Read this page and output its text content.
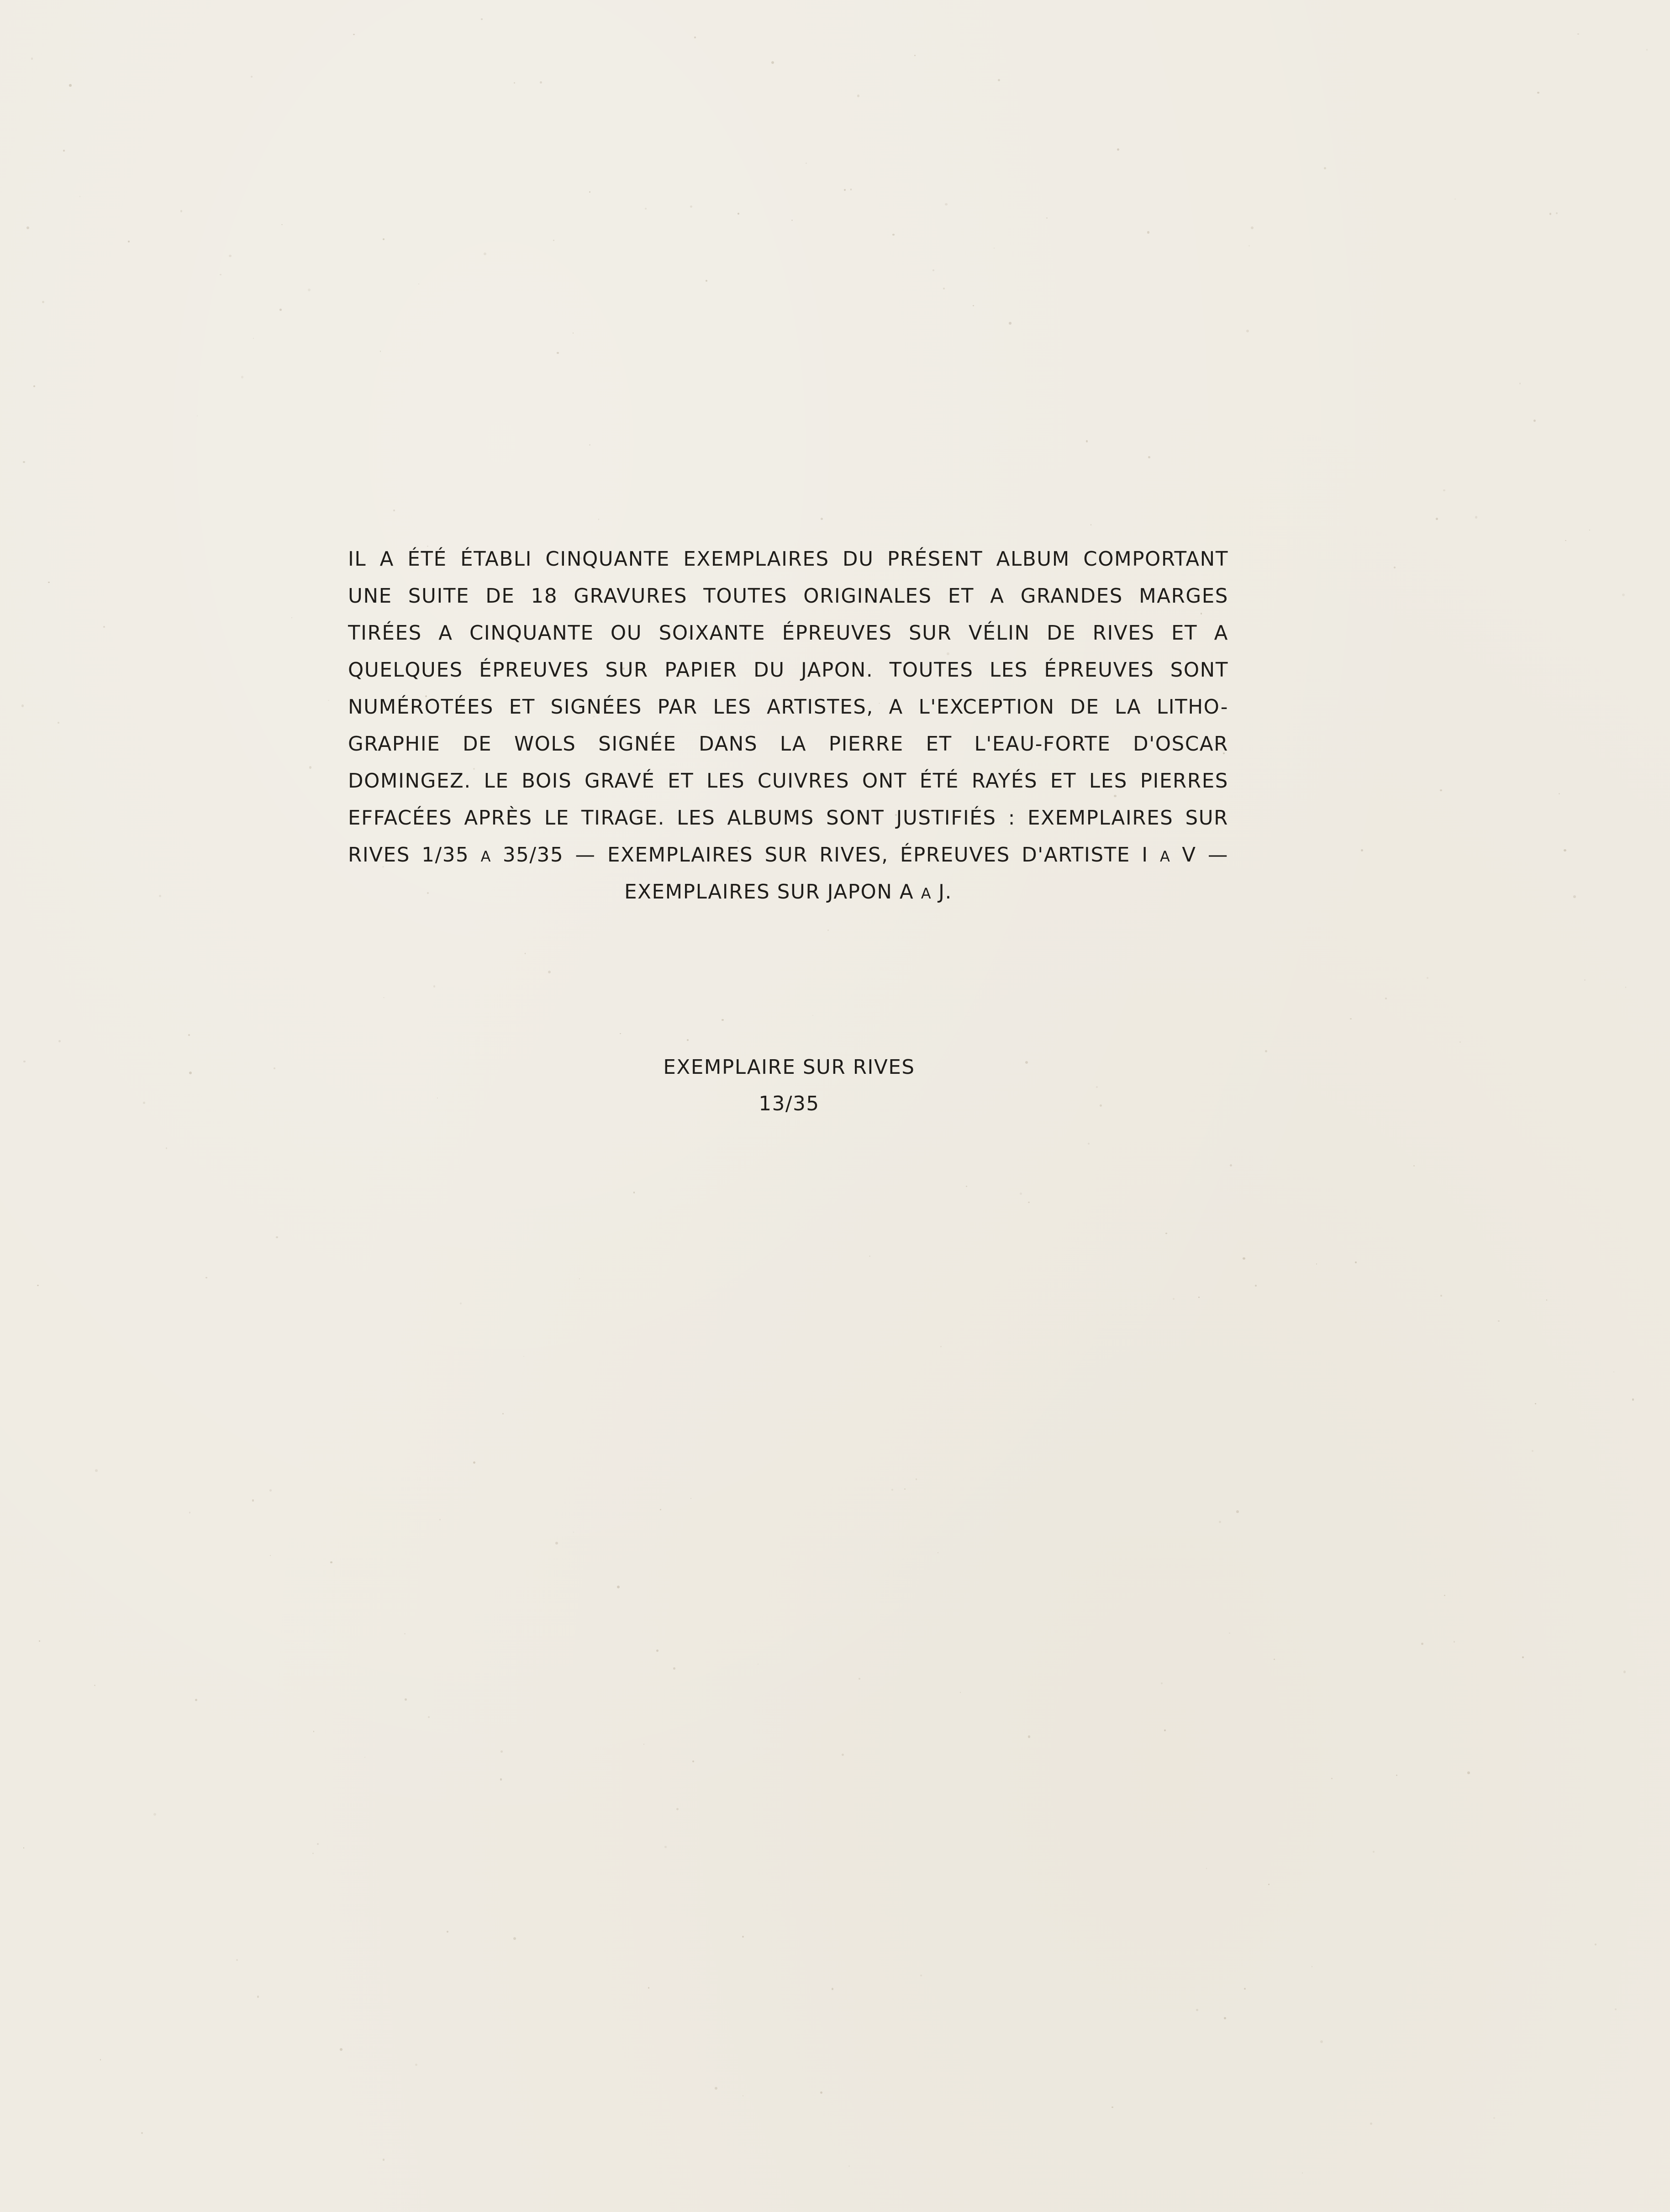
IL A ÉTÉ ÉTABLI CINQUANTE EXEMPLAIRES DU PRÉSENT ALBUM COMPORTANT
UNE SUITE DE 18 GRAVURES TOUTES ORIGINALES ET A GRANDES MARGES
TIRÉES A CINQUANTE OU SOIXANTE ÉPREUVES SUR VÉLIN DE RIVES ET A
QUELQUES ÉPREUVES SUR PAPIER DU JAPON. TOUTES LES ÉPREUVES SONT
NUMÉROTÉES ET SIGNÉES PAR LES ARTISTES, A L'EXCEPTION DE LA LITHO-
GRAPHIE DE WOLS SIGNÉE DANS LA PIERRE ET L'EAU-FORTE D'OSCAR
DOMINGEZ. LE BOIS GRAVÉ ET LES CUIVRES ONT ÉTÉ RAYÉS ET LES PIERRES
EFFACÉES APRÈS LE TIRAGE. LES ALBUMS SONT JUSTIFIÉS : EXEMPLAIRES SUR
RIVES 1/35 A 35/35 — EXEMPLAIRES SUR RIVES, ÉPREUVES D'ARTISTE I A V —
EXEMPLAIRES SUR JAPON A A J.
EXEMPLAIRE SUR RIVES
13/35
